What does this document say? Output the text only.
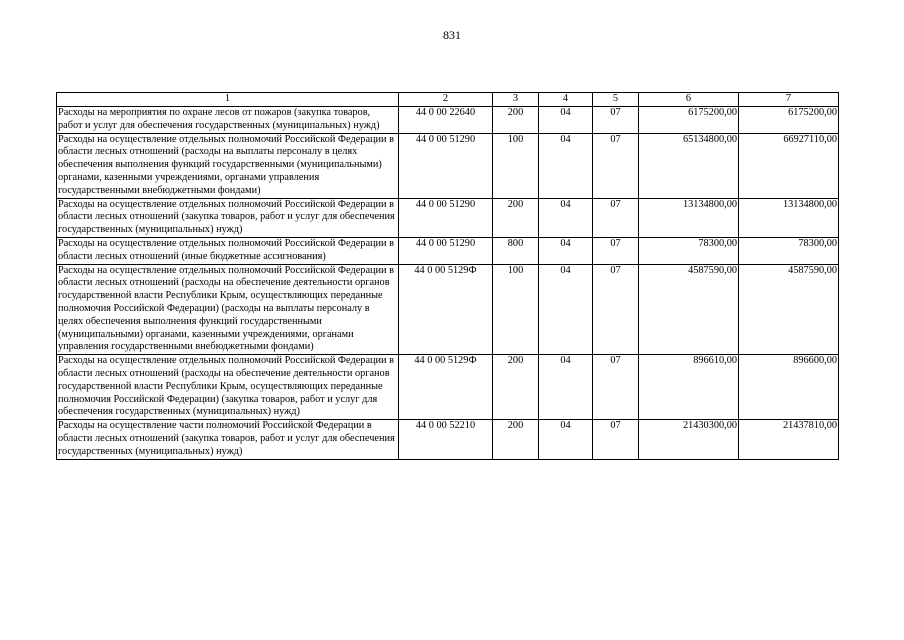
831
1	2	3	4	5	6	7
Расходы на мероприятия по охране лесов от пожаров (закупка товаров, работ и услуг для обеспечения государственных (муниципальных) нужд)	44 0 00 22640	200	04	07	6175200,00	6175200,00
Расходы на осуществление отдельных полномочий Российской Федерации в области лесных отношений (расходы на выплаты персоналу в целях обеспечения выполнения функций государственными (муниципальными) органами, казенными учреждениями, органами управления государственными внебюджетными фондами)	44 0 00 51290	100	04	07	65134800,00	66927110,00
Расходы на осуществление отдельных полномочий Российской Федерации в области лесных отношений (закупка товаров, работ и услуг для обеспечения государственных (муниципальных) нужд)	44 0 00 51290	200	04	07	13134800,00	13134800,00
Расходы на осуществление отдельных полномочий Российской Федерации в области лесных отношений (иные бюджетные ассигнования)	44 0 00 51290	800	04	07	78300,00	78300,00
Расходы на осуществление отдельных полномочий Российской Федерации в области лесных отношений (расходы на обеспечение деятельности органов государственной власти Республики Крым, осуществляющих переданные полномочия Российской Федерации) (расходы на выплаты персоналу в целях обеспечения выполнения функций государственными (муниципальными) органами, казенными учреждениями, органами управления государственными внебюджетными фондами)	44 0 00 5129Ф	100	04	07	4587590,00	4587590,00
Расходы на осуществление отдельных полномочий Российской Федерации в области лесных отношений (расходы на обеспечение деятельности органов государственной власти Республики Крым, осуществляющих переданные полномочия Российской Федерации) (закупка товаров, работ и услуг для обеспечения государственных (муниципальных) нужд)	44 0 00 5129Ф	200	04	07	896610,00	896600,00
Расходы на осуществление части полномочий Российской Федерации в области лесных отношений (закупка товаров, работ и услуг для обеспечения государственных (муниципальных) нужд)	44 0 00 52210	200	04	07	21430300,00	21437810,00
